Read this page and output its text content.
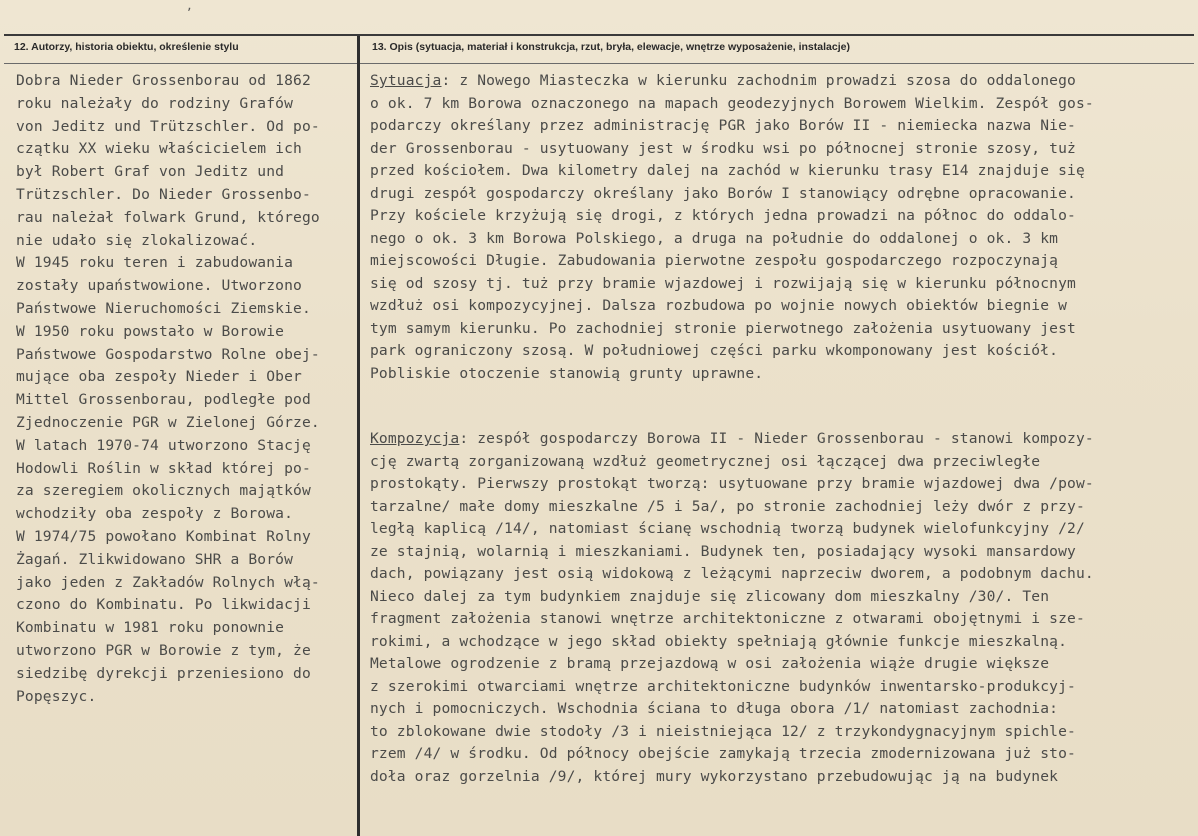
ʼ
12. Autorzy, historia obiektu, określenie stylu	13. Opis (sytuacja, materiał i konstrukcja, rzut, bryła, elewacje, wnętrze wyposażenie, instalacje)
Dobra Nieder Grossenborau od 1862
roku należały do rodziny Grafów
von Jeditz und Trützschler. Od po-
czątku XX wieku właścicielem ich
był Robert Graf von Jeditz und
Trützschler. Do Nieder Grossenbo-
rau należał folwark Grund, którego
nie udało się zlokalizować.
W 1945 roku teren i zabudowania
zostały upaństwowione. Utworzono
Państwowe Nieruchomości Ziemskie.
W 1950 roku powstało w Borowie
Państwowe Gospodarstwo Rolne obej-
mujące oba zespoły Nieder i Ober
Mittel Grossenborau, podległe pod
Zjednoczenie PGR w Zielonej Górze.
W latach 1970-74 utworzono Stację
Hodowli Roślin w skład której po-
za szeregiem okolicznych majątków
wchodziły oba zespoły z Borowa.
W 1974/75 powołano Kombinat Rolny
Żagań. Zlikwidowano SHR a Borów
jako jeden z Zakładów Rolnych włą-
czono do Kombinatu. Po likwidacji
Kombinatu w 1981 roku ponownie
utworzono PGR w Borowie z tym, że
siedzibę dyrekcji przeniesiono do
Popęszyc.
Sytuacja: z Nowego Miasteczka w kierunku zachodnim prowadzi szosa do oddalonego
o ok. 7 km Borowa oznaczonego na mapach geodezyjnych Borowem Wielkim. Zespół gos-
podarczy określany przez administrację PGR jako Borów II - niemiecka nazwa Nie-
der Grossenborau - usytuowany jest w środku wsi po północnej stronie szosy, tuż
przed kościołem. Dwa kilometry dalej na zachód w kierunku trasy E14 znajduje się
drugi zespół gospodarczy określany jako Borów I stanowiący odrębne opracowanie.
Przy kościele krzyżują się drogi, z których jedna prowadzi na północ do oddalo-
nego o ok. 3 km Borowa Polskiego, a druga na południe do oddalonej o ok. 3 km
miejscowości Długie. Zabudowania pierwotne zespołu gospodarczego rozpoczynają
się od szosy tj. tuż przy bramie wjazdowej i rozwijają się w kierunku północnym
wzdłuż osi kompozycyjnej. Dalsza rozbudowa po wojnie nowych obiektów biegnie w
tym samym kierunku. Po zachodniej stronie pierwotnego założenia usytuowany jest
park ograniczony szosą. W południowej części parku wkomponowany jest kościół.
Pobliskie otoczenie stanowią grunty uprawne.
Kompozycja: zespół gospodarczy Borowa II - Nieder Grossenborau - stanowi kompozy-
cję zwartą zorganizowaną wzdłuż geometrycznej osi łączącej dwa przeciwległe
prostokąty. Pierwszy prostokąt tworzą: usytuowane przy bramie wjazdowej dwa /pow-
tarzalne/ małe domy mieszkalne /5 i 5a/, po stronie zachodniej leży dwór z przy-
ległą kaplicą /14/, natomiast ścianę wschodnią tworzą budynek wielofunkcyjny /2/
ze stajnią, wolarnią i mieszkaniami. Budynek ten, posiadający wysoki mansardowy
dach, powiązany jest osią widokową z leżącymi naprzeciw dworem, a podobnym dachu.
Nieco dalej za tym budynkiem znajduje się zlicowany dom mieszkalny /30/. Ten
fragment założenia stanowi wnętrze architektoniczne z otwarami obojętnymi i sze-
rokimi, a wchodzące w jego skład obiekty spełniają głównie funkcje mieszkalną.
Metalowe ogrodzenie z bramą przejazdową w osi założenia wiąże drugie większe
z szerokimi otwarciami wnętrze architektoniczne budynków inwentarsko-produkcyj-
nych i pomocniczych. Wschodnia ściana to długa obora /1/ natomiast zachodnia:
to zblokowane dwie stodoły /3 i nieistniejąca 12/ z trzykondygnacyjnym spichle-
rzem /4/ w środku. Od północy obejście zamykają trzecia zmodernizowana już sto-
doła oraz gorzelnia /9/, której mury wykorzystano przebudowując ją na budynek
